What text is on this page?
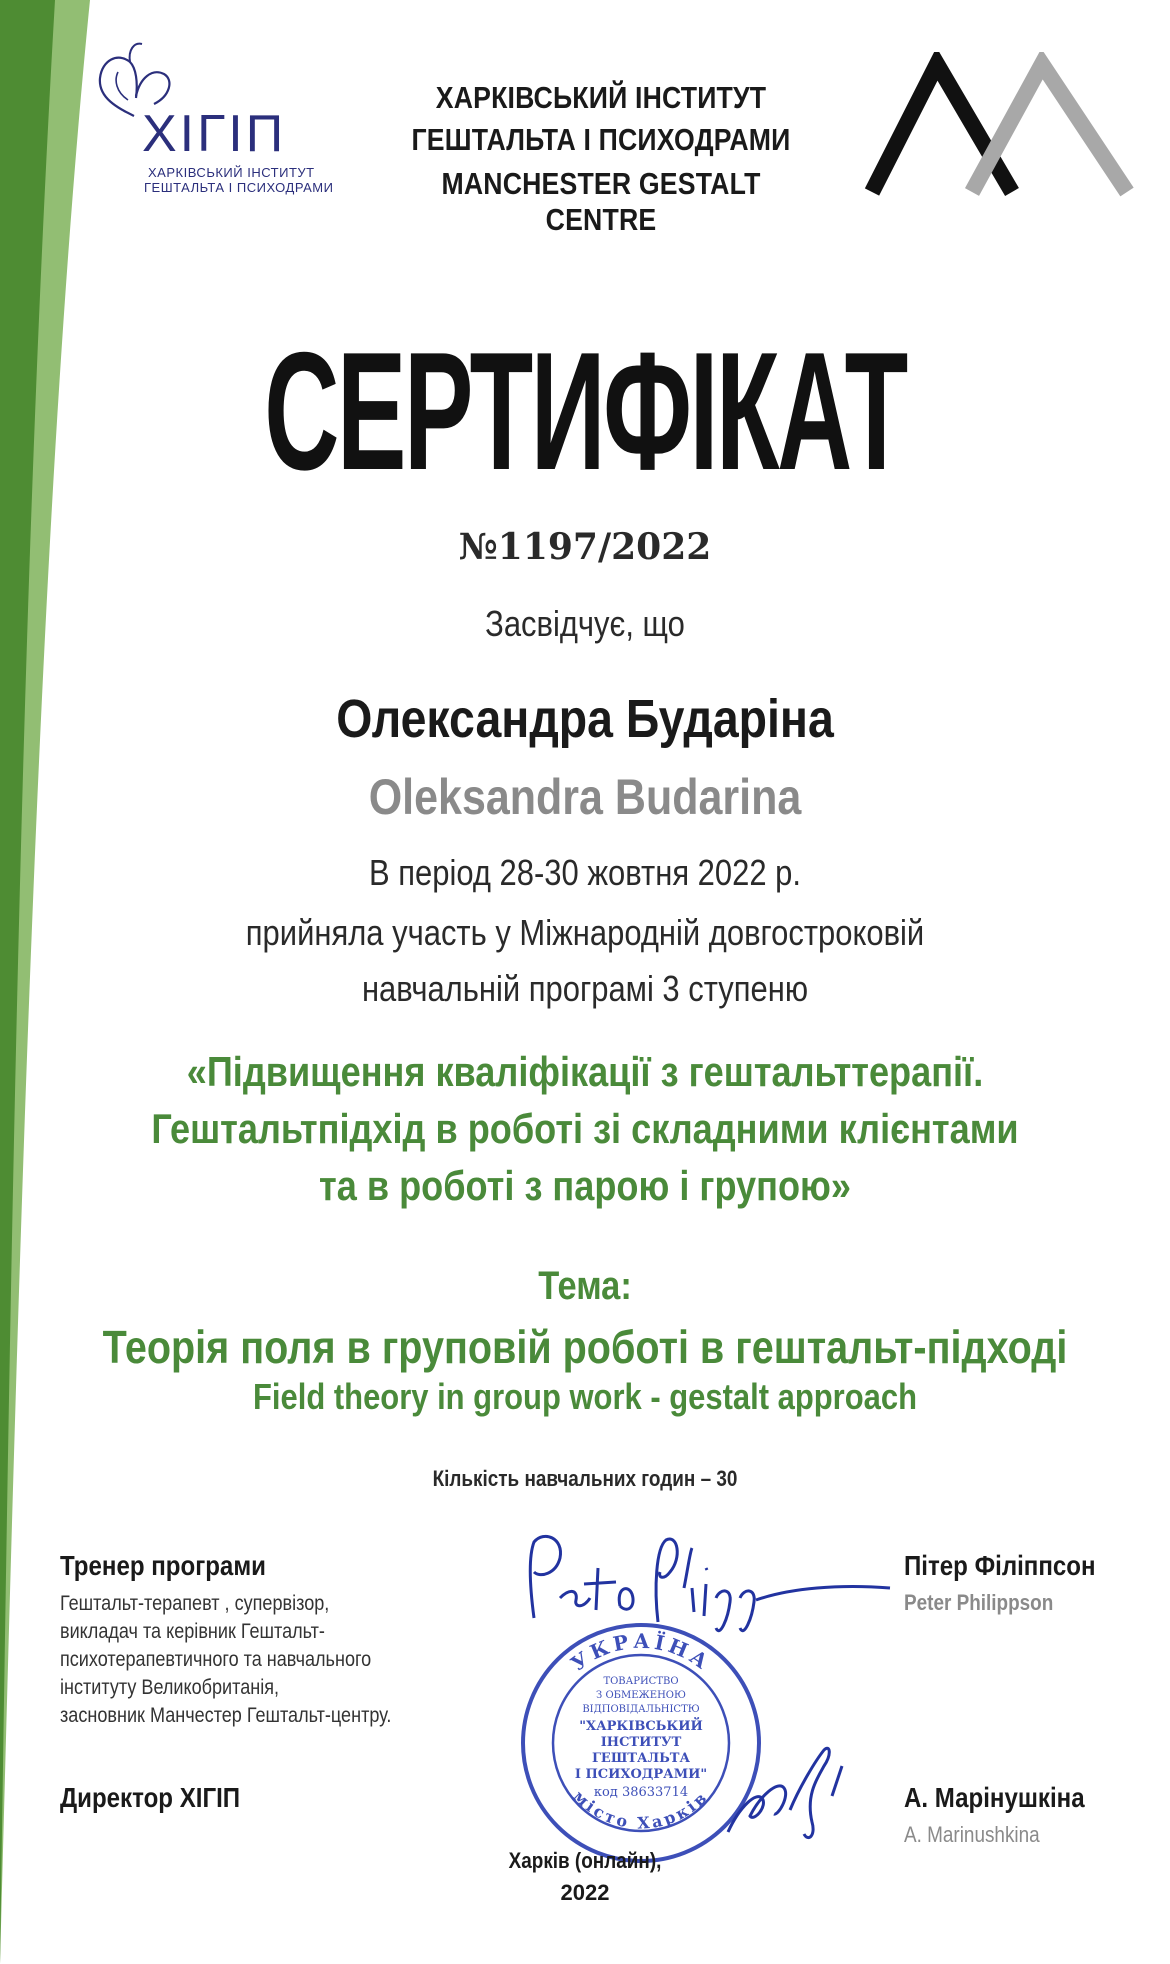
ХІГІП
ХАРКІВСЬКИЙ ІНСТИТУТ
ГЕШТАЛЬТА І ПСИХОДРАМИ
ХАРКІВСЬКИЙ ІНСТИТУТ
ГЕШТАЛЬТА І ПСИХОДРАМИ
MANCHESTER GESTALT CENTRE
СЕРТИФІКАТ
№1197/2022
Засвідчує, що
Олександра Бударіна
Oleksandra Budarina
В період 28-30 жовтня 2022 р.
прийняла участь у Міжнародній довгостроковій
навчальній програмі 3 ступеню
«Підвищення кваліфікації з гештальттерапії.
Гештальтпідхід в роботі зі складними клієнтами
та в роботі з парою і групою»
Тема:
Теорія поля в груповій роботі в гештальт-підході
Field theory in group work - gestalt approach
Кількість навчальних годин – 30
Тренер програми
Гештальт-терапевт , супервізор,
викладач та керівник Гештальт-
психотерапевтичного та навчального
інституту Великобританія,
засновник Манчестер Гештальт-центру.
Директор ХІГІП
УКРАЇНА
місто Харків
ТОВАРИСТВО
З ОБМЕЖЕНОЮ
ВІДПОВІДАЛЬНІСТЮ
"ХАРКІВСЬКИЙ
ІНСТИТУТ
ГЕШТАЛЬТА
І ПСИХОДРАМИ"
код 38633714
Пітер Філіппсон
Peter Philippson
А. Марінушкіна
A. Marinushkina
Харків (онлайн),
2022
